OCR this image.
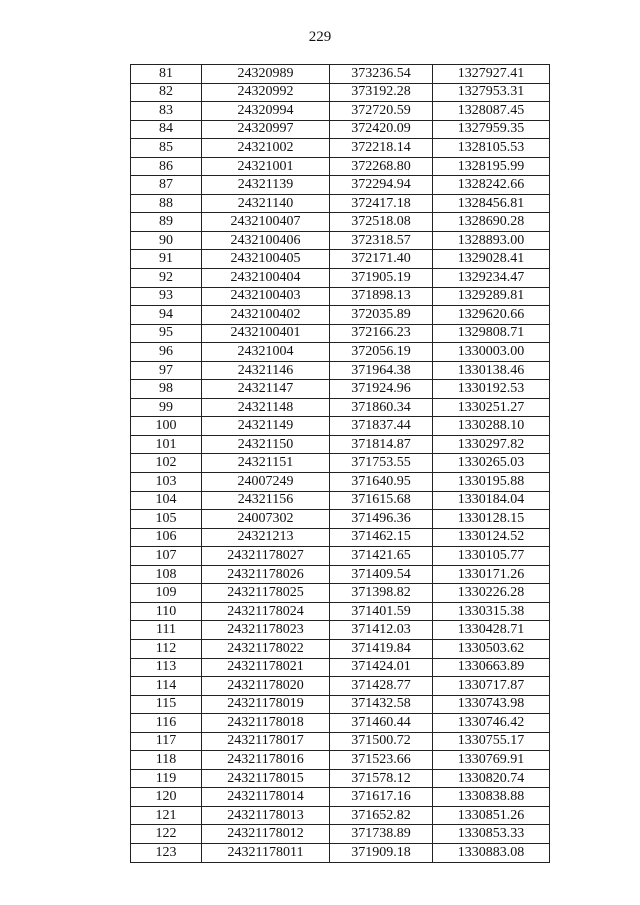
229
81	24320989	373236.54	1327927.41
82	24320992	373192.28	1327953.31
83	24320994	372720.59	1328087.45
84	24320997	372420.09	1327959.35
85	24321002	372218.14	1328105.53
86	24321001	372268.80	1328195.99
87	24321139	372294.94	1328242.66
88	24321140	372417.18	1328456.81
89	2432100407	372518.08	1328690.28
90	2432100406	372318.57	1328893.00
91	2432100405	372171.40	1329028.41
92	2432100404	371905.19	1329234.47
93	2432100403	371898.13	1329289.81
94	2432100402	372035.89	1329620.66
95	2432100401	372166.23	1329808.71
96	24321004	372056.19	1330003.00
97	24321146	371964.38	1330138.46
98	24321147	371924.96	1330192.53
99	24321148	371860.34	1330251.27
100	24321149	371837.44	1330288.10
101	24321150	371814.87	1330297.82
102	24321151	371753.55	1330265.03
103	24007249	371640.95	1330195.88
104	24321156	371615.68	1330184.04
105	24007302	371496.36	1330128.15
106	24321213	371462.15	1330124.52
107	24321178027	371421.65	1330105.77
108	24321178026	371409.54	1330171.26
109	24321178025	371398.82	1330226.28
110	24321178024	371401.59	1330315.38
111	24321178023	371412.03	1330428.71
112	24321178022	371419.84	1330503.62
113	24321178021	371424.01	1330663.89
114	24321178020	371428.77	1330717.87
115	24321178019	371432.58	1330743.98
116	24321178018	371460.44	1330746.42
117	24321178017	371500.72	1330755.17
118	24321178016	371523.66	1330769.91
119	24321178015	371578.12	1330820.74
120	24321178014	371617.16	1330838.88
121	24321178013	371652.82	1330851.26
122	24321178012	371738.89	1330853.33
123	24321178011	371909.18	1330883.08
